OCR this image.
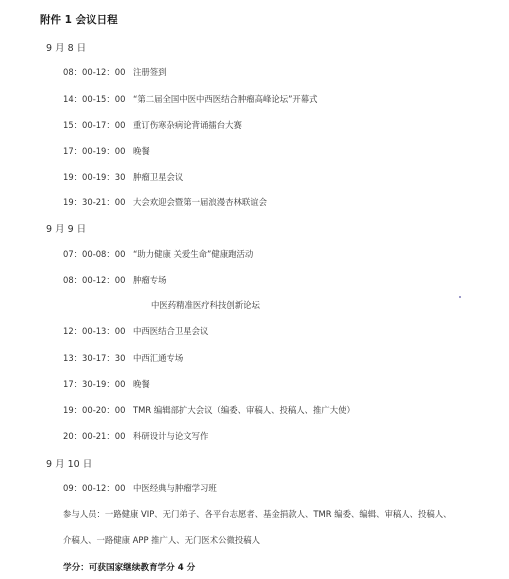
附件 1 会议日程
9 月 8 日
08：00-12：00 注册签到
14：00-15：00 “第二届全国中医中西医结合肿瘤高峰论坛”开幕式
15：00-17：00 重订伤寒杂病论背诵擂台大赛
17：00-19：00 晚餐
19：00-19：30 肿瘤卫星会议
19：30-21：00 大会欢迎会暨第一届浪漫杏林联谊会
9 月 9 日
07：00-08：00 “助力健康 关爱生命”健康跑活动
08：00-12：00 肿瘤专场
中医药精准医疗科技创新论坛
12：00-13：00 中西医结合卫星会议
13：30-17：30 中西汇通专场
17：30-19：00 晚餐
19：00-20：00 TMR 编辑部扩大会议（编委、审稿人、投稿人、推广大使）
20：00-21：00 科研设计与论文写作
9 月 10 日
09：00-12：00 中医经典与肿瘤学习班
参与人员：一路健康 VIP、无门弟子、各平台志愿者、基金捐款人、TMR 编委、编辑、审稿人、投稿人、
介稿人、一路健康 APP 推广人、无门医术公微投稿人
学分：可获国家继续教育学分 4 分
